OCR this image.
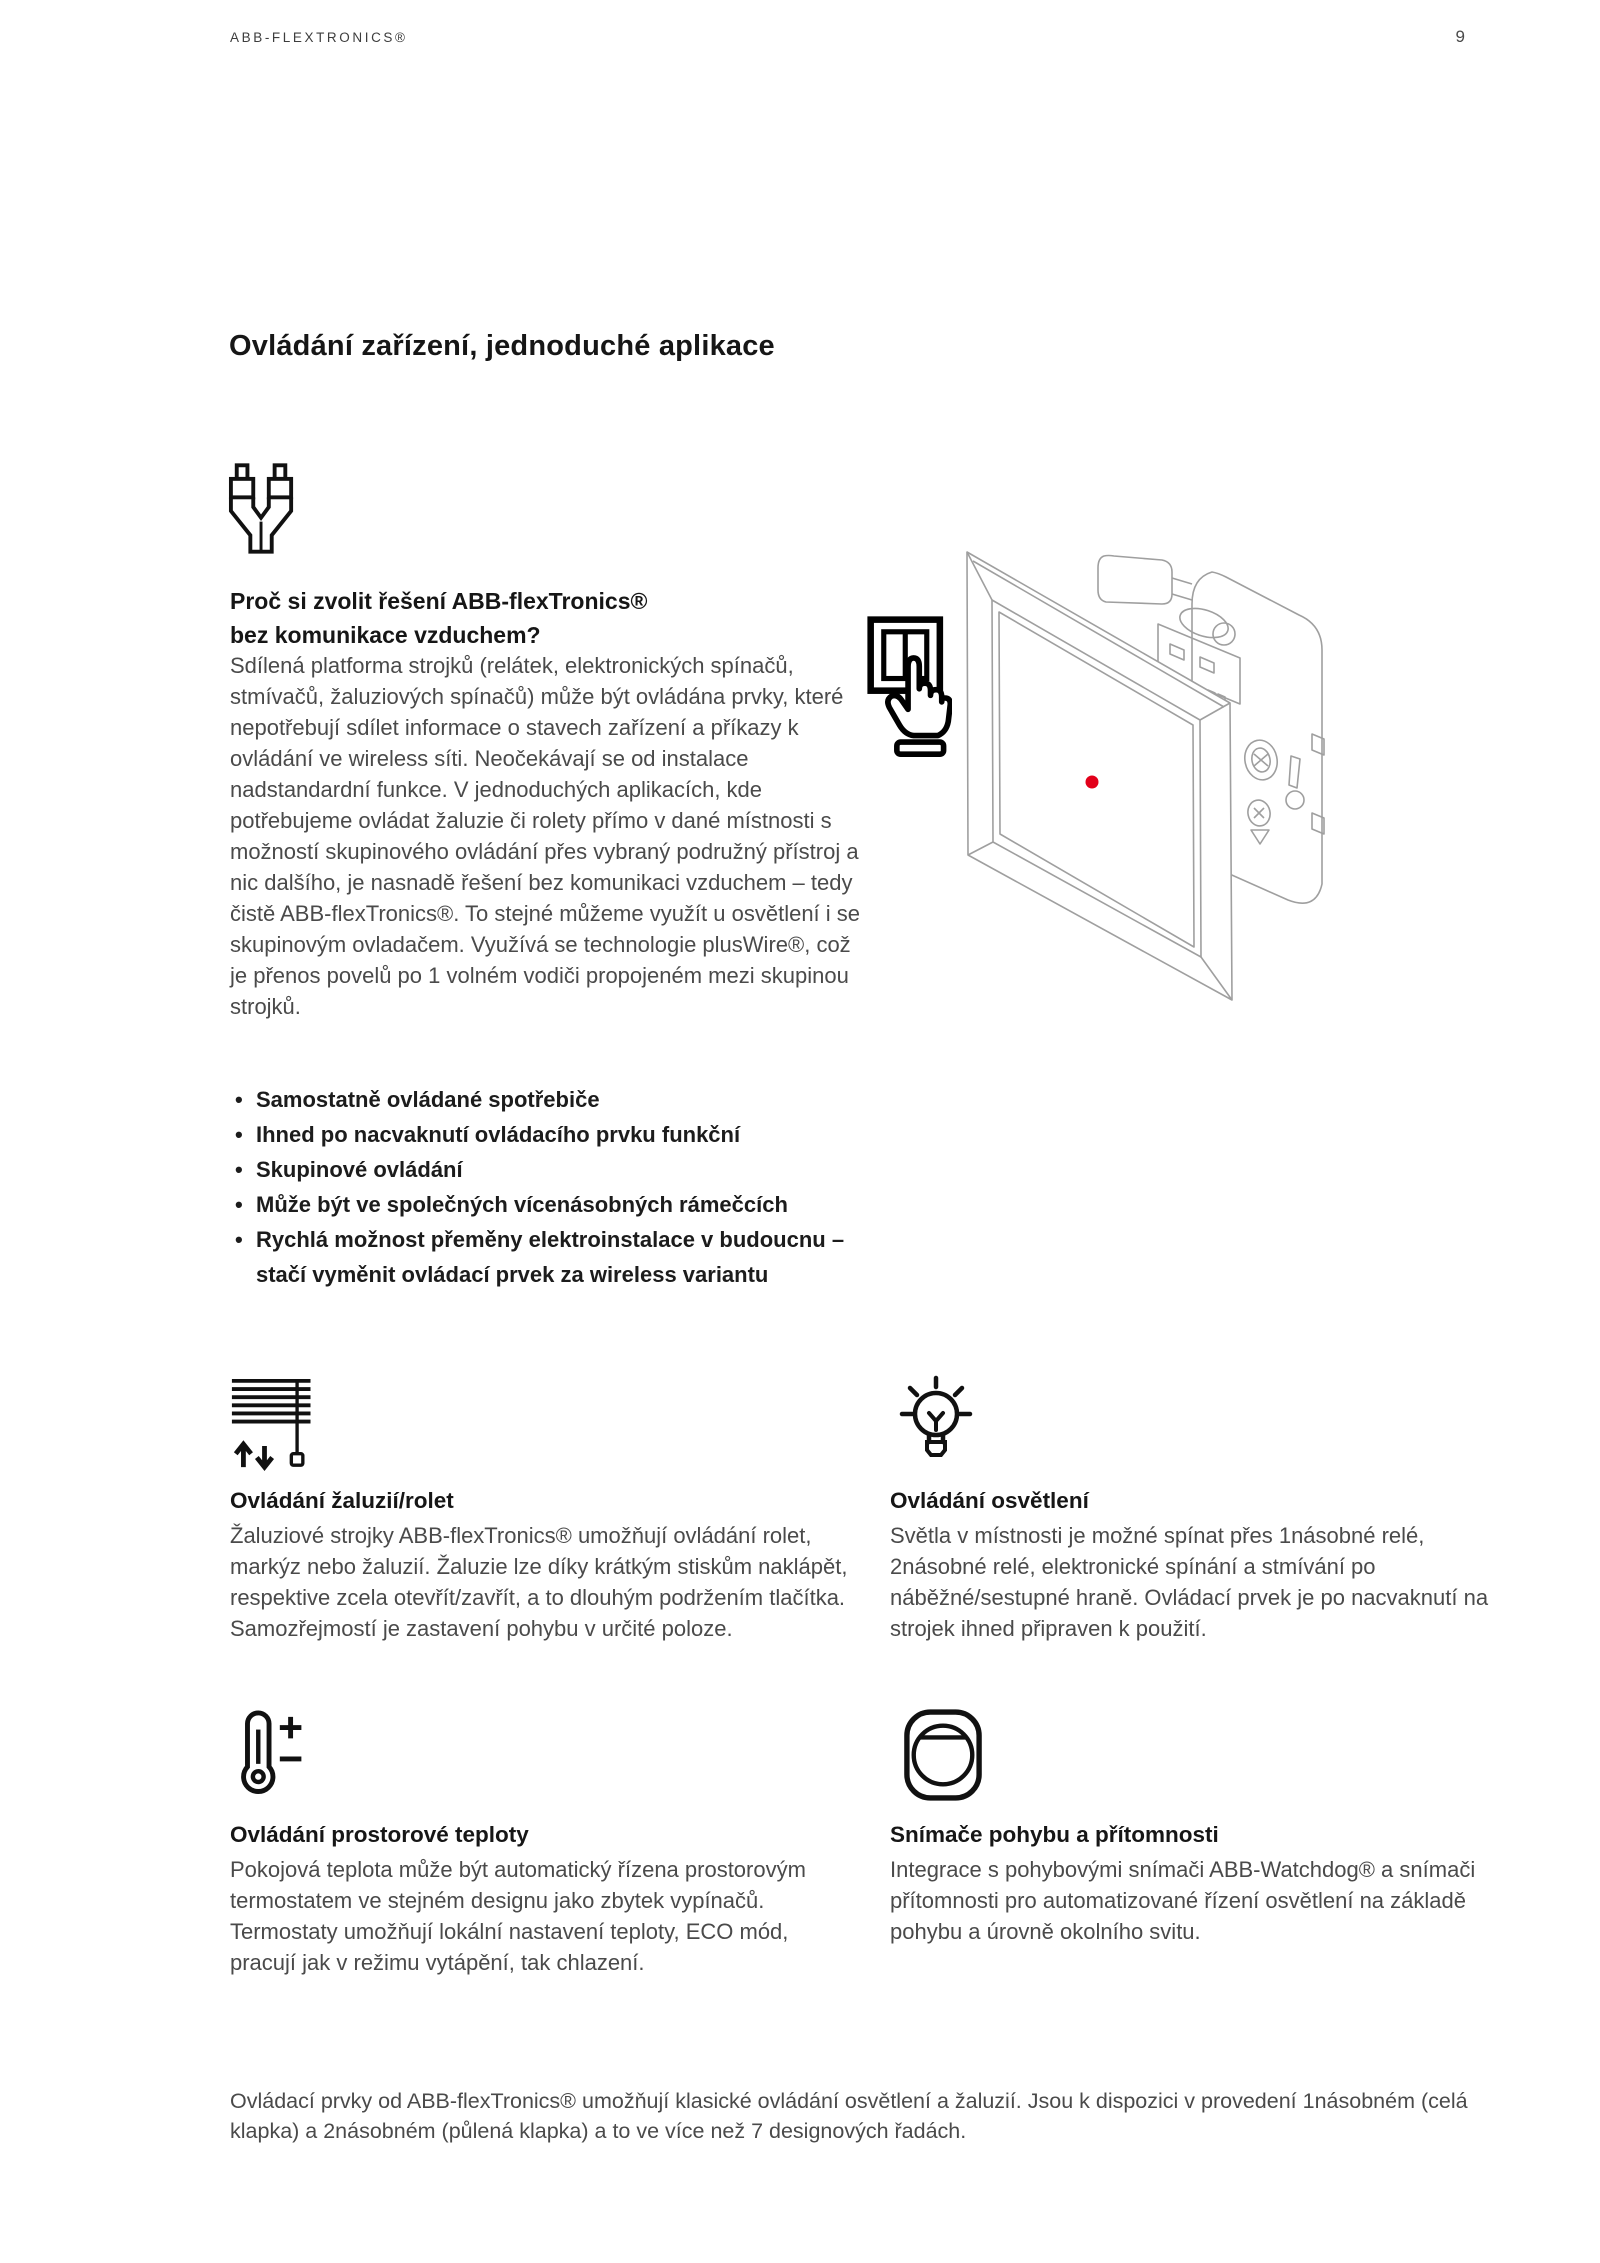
ABB-FLEXTRONICS®	9
Ovládání zařízení, jednoduché aplikace
Proč si zvolit řešení ABB-flexTronics®
bez komunikace vzduchem?

Sdílená platforma strojků (relátek, elektronických spínačů, stmívačů, žaluziových spínačů) může být ovládána prvky, které nepotřebují sdílet informace o stavech zařízení a příkazy k ovládání ve wireless síti. Neočekávají se od instalace nadstandardní funkce. V jednoduchých aplikacích, kde potřebujeme ovládat žaluzie či rolety přímo v dané místnosti s možností skupinového ovládání přes vybraný podružný přístroj a nic dalšího, je nasnadě řešení bez komunikaci vzduchem – tedy čistě ABB-flexTronics®. To stejné můžeme využít u osvětlení i se skupinovým ovladačem. Využívá se technologie plusWire®, což je přenos povelů po 1 volném vodiči propojeném mezi skupinou strojků.

• Samostatně ovládané spotřebiče
• Ihned po nacvaknutí ovládacího prvku funkční
• Skupinové ovládání
• Může být ve společných vícenásobných rámečcích
• Rychlá možnost přeměny elektroinstalace v budoucnu – stačí vyměnit ovládací prvek za wireless variantu
Ovládání žaluzií/rolet

Žaluziové strojky ABB-flexTronics® umožňují ovládání rolet, markýz nebo žaluzií. Žaluzie lze díky krátkým stiskům naklápět, respektive zcela otevřít/zavřít, a to dlouhým podržením tlačítka. Samozřejmostí je zastavení pohybu v určité poloze.

Ovládání osvětlení

Světla v místnosti je možné spínat přes 1násobné relé, 2násobné relé, elektronické spínání a stmívání po náběžné/sestupné hraně. Ovládací prvek je po nacvaknutí na strojek ihned připraven k použití.

Ovládání prostorové teploty

Pokojová teplota může být automatický řízena prostorovým termostatem ve stejném designu jako zbytek vypínačů. Termostaty umožňují lokální nastavení teploty, ECO mód, pracují jak v režimu vytápění, tak chlazení.

Snímače pohybu a přítomnosti

Integrace s pohybovými snímači ABB-Watchdog® a snímači přítomnosti pro automatizované řízení osvětlení na základě pohybu a úrovně okolního svitu.

Ovládací prvky od ABB-flexTronics® umožňují klasické ovládání osvětlení a žaluzií. Jsou k dispozici v provedení 1násobném (celá klapka) a 2násobném (půlená klapka) a to ve více než 7 designových řadách.
